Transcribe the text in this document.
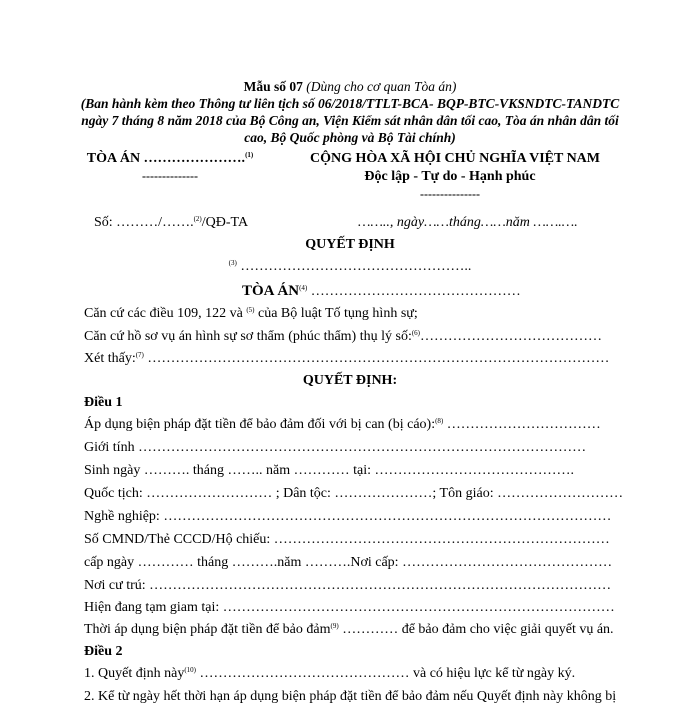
Mẫu số 07 (Dùng cho cơ quan Tòa án)
(Ban hành kèm theo Thông tư liên tịch số 06/2018/TTLT-BCA- BQP-BTC-VKSNDTC-TANDTC
ngày 7 tháng 8 năm 2018 của Bộ Công an, Viện Kiểm sát nhân dân tối cao, Tòa án nhân dân tối
cao, Bộ Quốc phòng và Bộ Tài chính)
TÒA ÁN ………………….$^{(1)}$
--------------
CỘNG HÒA XÃ HỘI CHỦ NGHĨA VIỆT NAM
Độc lập - Tự do - Hạnh phúc
---------------
Số: ………/…….$^{(2)}$/QĐ-TA	…….., ngày……tháng……năm …….….
QUYẾT ĐỊNH
$^{(3)}$ …………………………………………..
TÒA ÁN$^{(4)}$ ………………………………………
Căn cứ các điều 109, 122 và $^{(5)}$ của Bộ luật Tố tụng hình sự;
Căn cứ hồ sơ vụ án hình sự sơ thẩm (phúc thẩm) thụ lý số:$^{(6)}$…………………………………
Xét thấy:$^{(7)}$ ………………………………………………………………………………………
QUYẾT ĐỊNH:
Điều 1
Áp dụng biện pháp đặt tiền để bảo đảm đối với bị can (bị cáo):$^{(8)}$ ……………………………
Giới tính ……………………………………………………………………………………
Sinh ngày ………. tháng …….. năm ………… tại: …………………………………….
Quốc tịch: ……………………… ; Dân tộc: …………………; Tôn giáo: ………………………
Nghề nghiệp: ……………………………………………………………………………………
Số CMND/Thẻ CCCD/Hộ chiếu: ………………………………………………………………
cấp ngày ………… tháng ……….năm ……….Nơi cấp: ………………………………………
Nơi cư trú: ………………………………………………………………………………………
Hiện đang tạm giam tại: …………………………………………………………………………
Thời áp dụng biện pháp đặt tiền để bảo đảm$^{(9)}$ ………… để bảo đảm cho việc giải quyết vụ án.
Điều 2
1. Quyết định này$^{(10)}$ ……………………………………… và có hiệu lực kể từ ngày ký.
2. Kể từ ngày hết thời hạn áp dụng biện pháp đặt tiền để bảo đảm nếu Quyết định này không bị
